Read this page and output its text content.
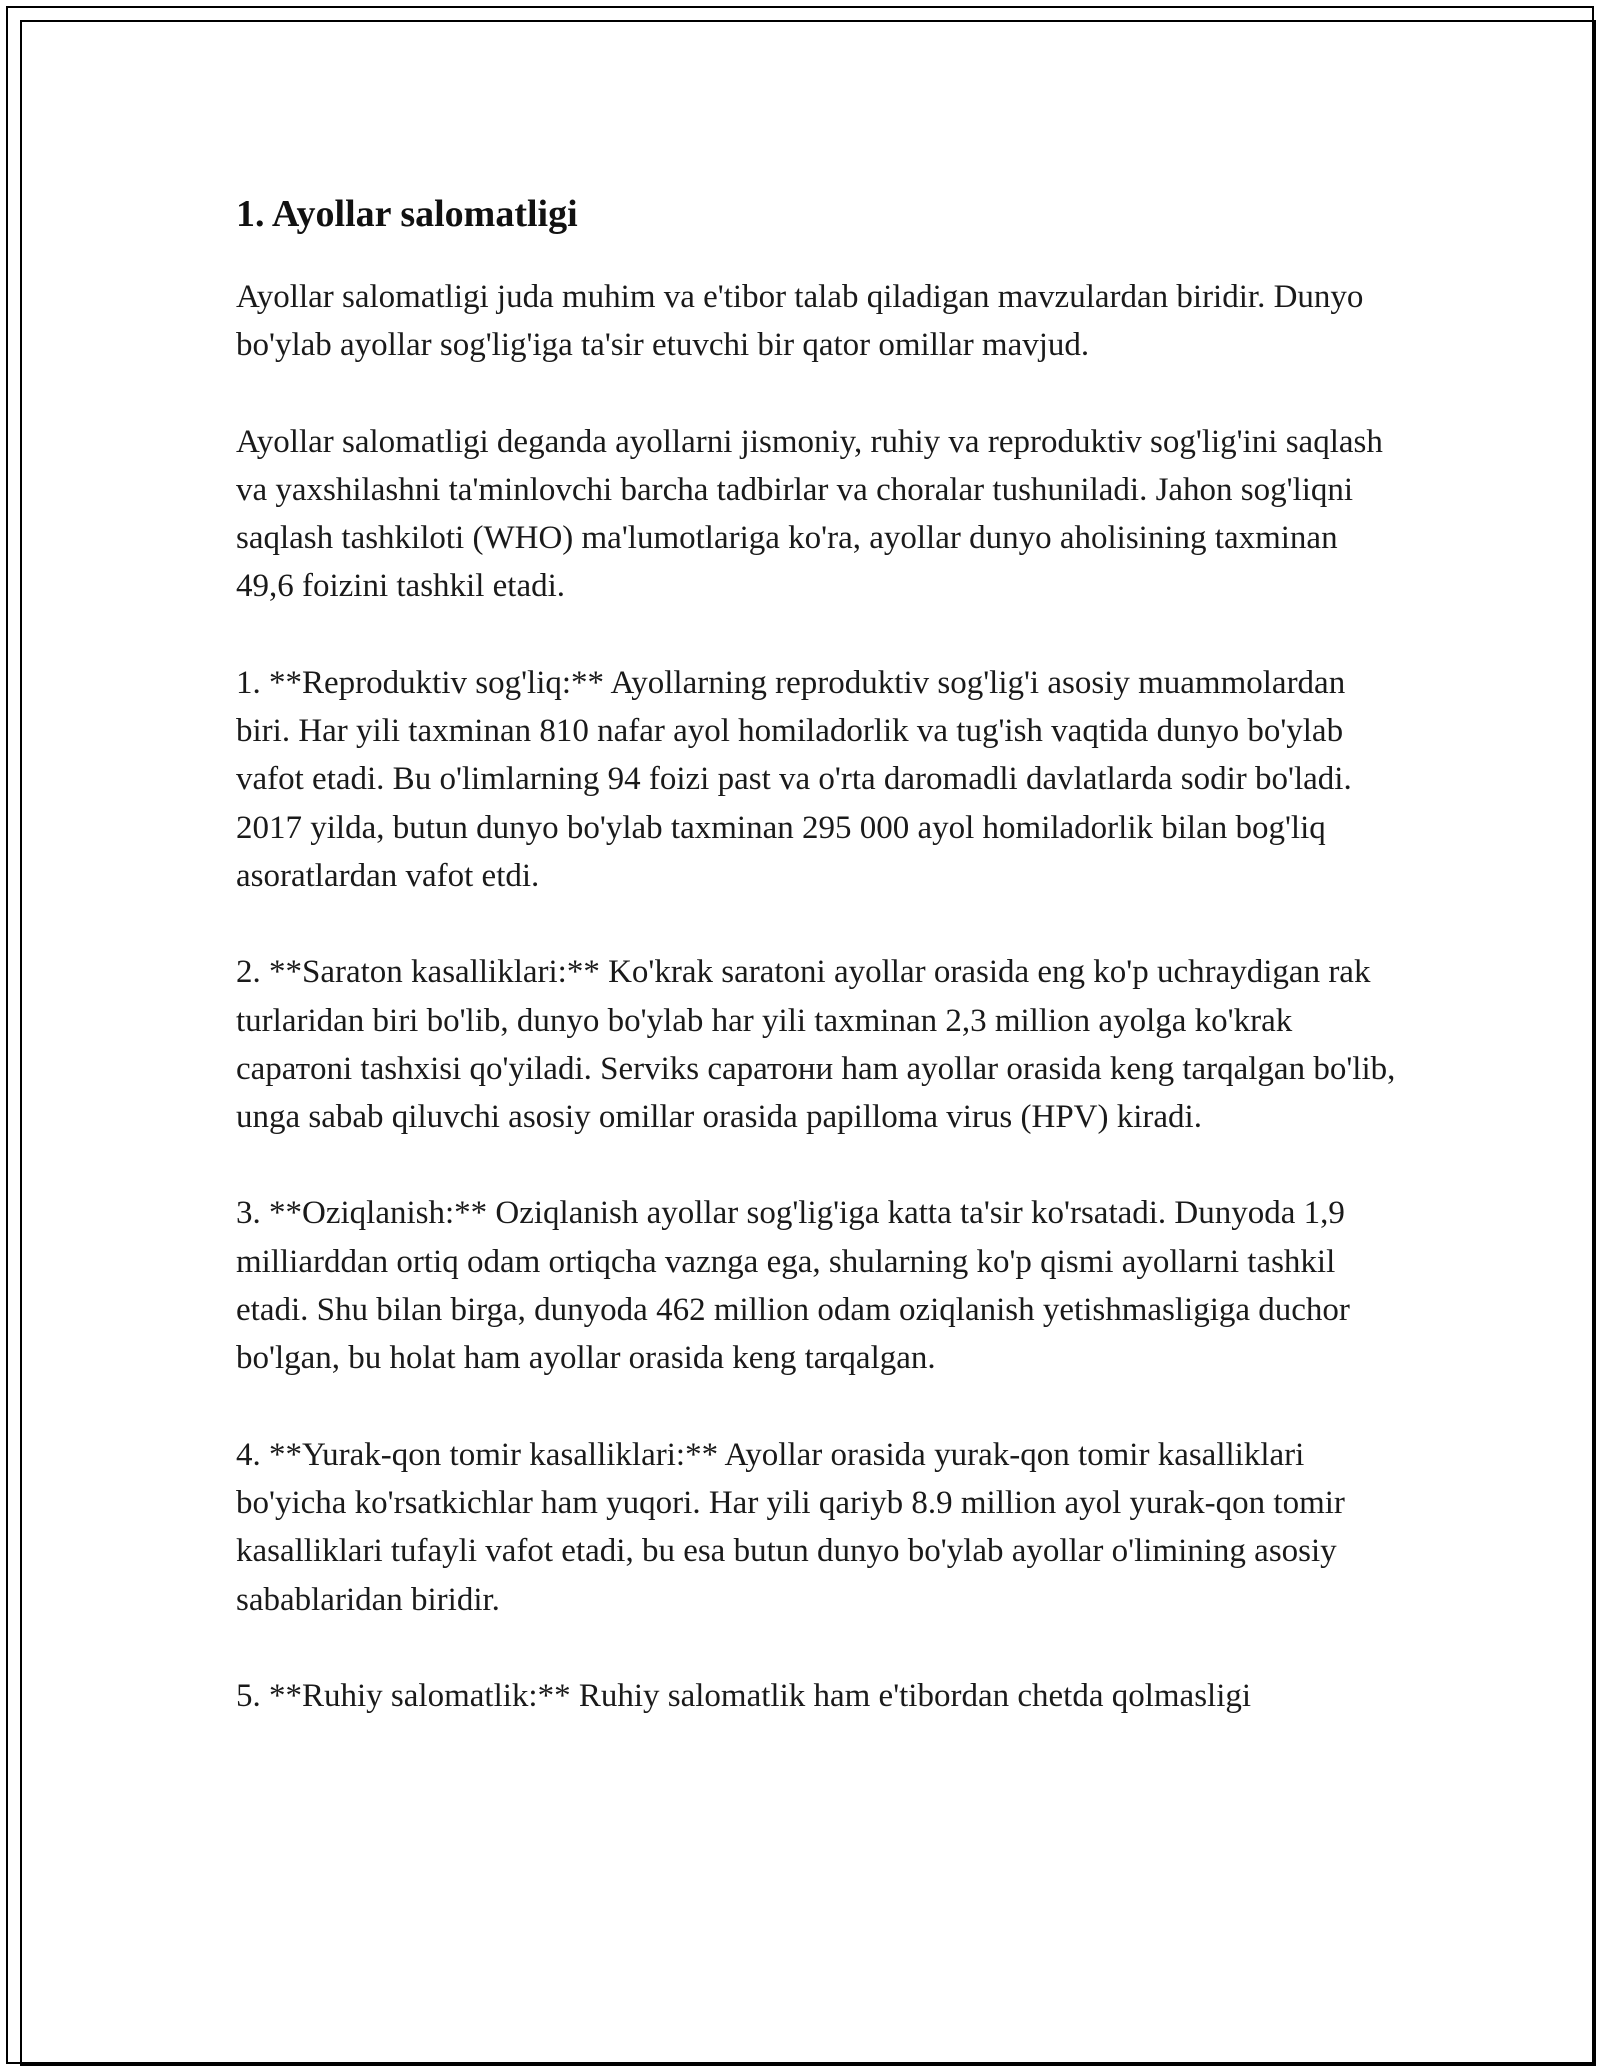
1. Ayollar salomatligi

Ayollar salomatligi juda muhim va e'tibor talab qiladigan mavzulardan biridir. Dunyo bo'ylab ayollar sog'lig'iga ta'sir etuvchi bir qator omillar mavjud.

Ayollar salomatligi deganda ayollarni jismoniy, ruhiy va reproduktiv sog'lig'ini saqlash va yaxshilashni ta'minlovchi barcha tadbirlar va choralar tushuniladi. Jahon sog'liqni saqlash tashkiloti (WHO) ma'lumotlariga ko'ra, ayollar dunyo aholisining taxminan 49,6 foizini tashkil etadi.

1. **Reproduktiv sog'liq:** Ayollarning reproduktiv sog'lig'i asosiy muammolardan biri. Har yili taxminan 810 nafar ayol homiladorlik va tug'ish vaqtida dunyo bo'ylab vafot etadi. Bu o'limlarning 94 foizi past va o'rta daromadli davlatlarda sodir bo'ladi. 2017 yilda, butun dunyo bo'ylab taxminan 295 000 ayol homiladorlik bilan bog'liq asoratlardan vafot etdi.

2. **Saraton kasalliklari:** Ko'krak saratoni ayollar orasida eng ko'p uchraydigan rak turlaridan biri bo'lib, dunyo bo'ylab har yili taxminan 2,3 million ayolga ko'krak сapатoni tashxisi qo'yiladi. Serviks сapатoни ham ayollar orasida keng tarqalgan bo'lib, unga sabab qiluvchi asosiy omillar orasida papilloma virus (HPV) kiradi.

3. **Oziqlanish:** Oziqlanish ayollar sog'lig'iga katta ta'sir ko'rsatadi. Dunyoda 1,9 milliarddan ortiq odam ortiqcha vaznga ega, shularning ko'p qismi ayollarni tashkil etadi. Shu bilan birga, dunyoda 462 million odam oziqlanish yetishmasligiga duchor bo'lgan, bu holat ham ayollar orasida keng tarqalgan.

4. **Yurak-qon tomir kasalliklari:** Ayollar orasida yurak-qon tomir kasalliklari bo'yicha ko'rsatkichlar ham yuqori. Har yili qariyb 8.9 million ayol yurak-qon tomir kasalliklari tufayli vafot etadi, bu esa butun dunyo bo'ylab ayollar o'limining asosiy sabablaridan biridir.

5. **Ruhiy salomatlik:** Ruhiy salomatlik ham e'tibordan chetda qolmasligi
